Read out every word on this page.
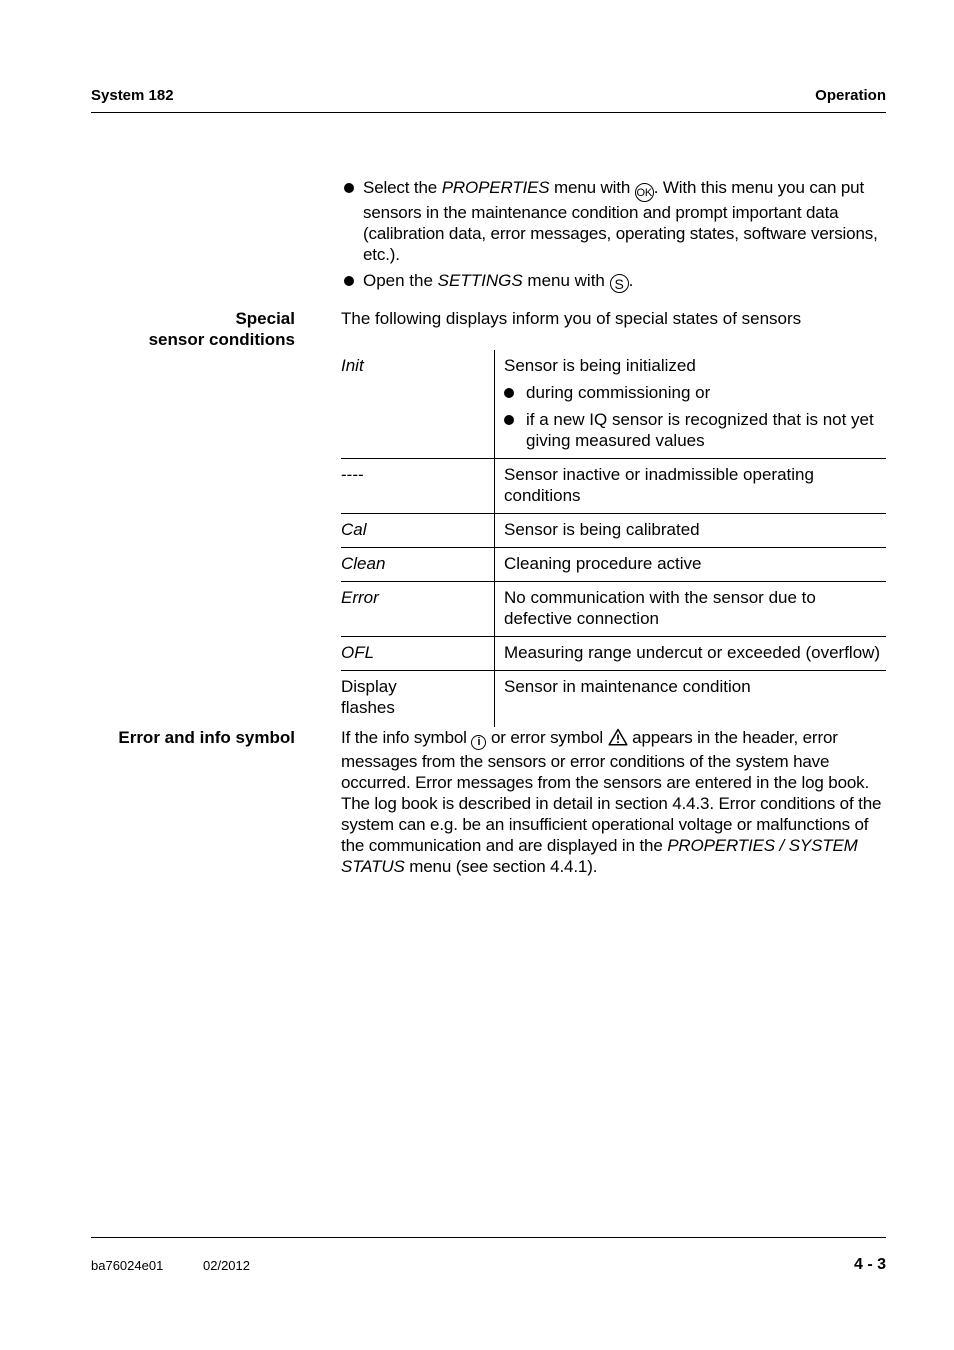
System 182	Operation
Select the PROPERTIES menu with OK . With this menu you can put sensors in the maintenance condition and prompt important data (calibration data, error messages, operating states, software versions, etc.).
Open the SETTINGS menu with S .
Special
sensor conditions
The following displays inform you of special states of sensors
Init	Sensor is being initialized
during commissioning or
if a new IQ sensor is recognized that is not yet giving measured values

----	Sensor inactive or inadmissible operating conditions
Cal	Sensor is being calibrated
Clean	Cleaning procedure active
Error	No communication with the sensor due to defective connection
OFL	Measuring range undercut or exceeded (overflow)
Display flashes	Sensor in maintenance condition
Error and info symbol	If the info symbol i or error symbol  appears in the header, error messages from the sensors or error conditions of the system have occurred. Error messages from the sensors are entered in the log book. The log book is described in detail in section 4.4.3. Error conditions of the system can e.g. be an insufficient operational voltage or malfunctions of the communication and are displayed in the PROPERTIES / SYSTEM STATUS menu (see section 4.4.1).
ba76024e01	02/2012	4 - 3
